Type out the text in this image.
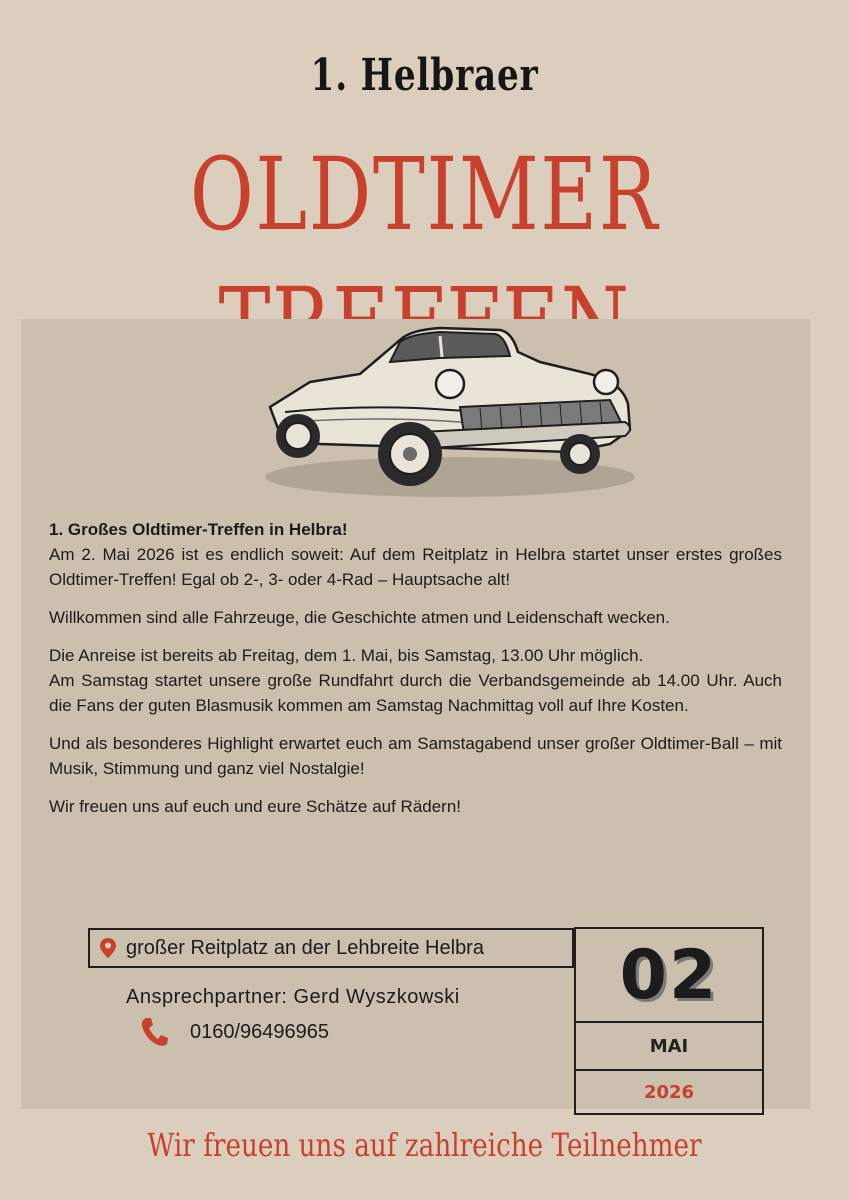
1. Helbraer
OLDTIMER

1. Großes Oldtimer-Treffen in Helbra!

Am 2. Mai 2026 ist es endlich soweit: Auf dem Reitplatz in Helbra startet unser erstes großes Oldtimer-Treffen! Egal ob 2-, 3- oder 4-Rad – Hauptsache alt!

Willkommen sind alle Fahrzeuge, die Geschichte atmen und Leidenschaft wecken.

Die Anreise ist bereits ab Freitag, dem 1. Mai, bis Samstag, 13.00 Uhr möglich.

Am Samstag startet unsere große Rundfahrt durch die Verbandsgemeinde ab 14.00 Uhr. Auch die Fans der guten Blasmusik kommen am Samstag Nachmittag voll auf Ihre Kosten.

Und als besonderes Highlight erwartet euch am Samstagabend unser großer Oldtimer-Ball – mit Musik, Stimmung und ganz viel Nostalgie!

Wir freuen uns auf euch und eure Schätze auf Rädern!

großer Reitplatz an der Lehbreite Helbra
Ansprechpartner: Gerd Wyszkowski
0160/96496965
02
MAI
2026
Wir freuen uns auf zahlreiche Teilnehmer
